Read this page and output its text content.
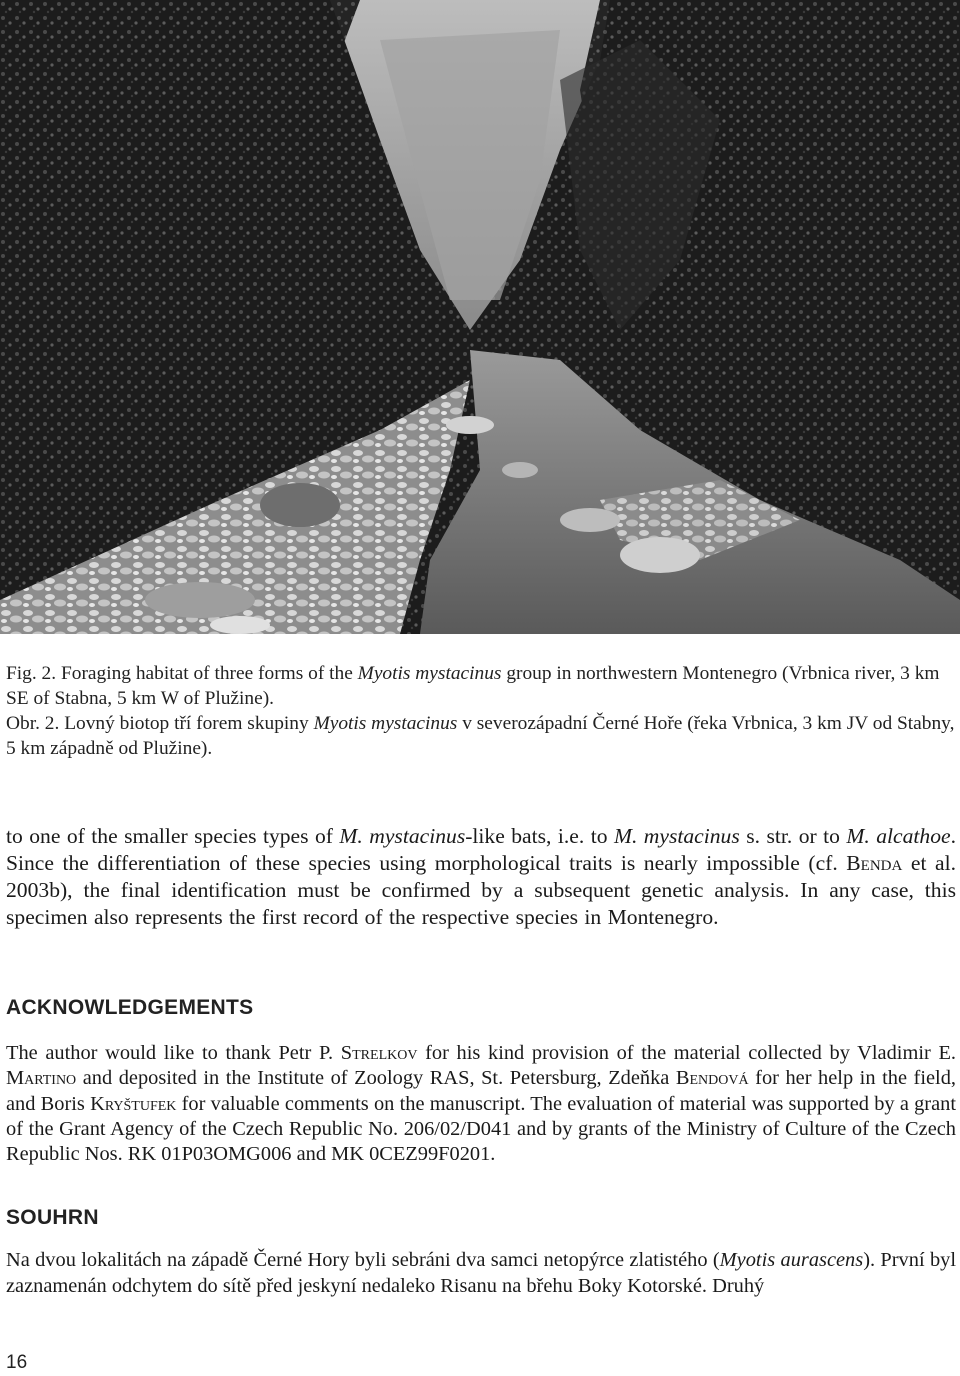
Fig. 2. Foraging habitat of three forms of the Myotis mystacinus group in northwestern Montenegro (Vrbnica river, 3 km SE of Stabna, 5 km W of Plužine).

Obr. 2. Lovný biotop tří forem skupiny Myotis mystacinus v severozápadní Černé Hoře (řeka Vrbnica, 3 km JV od Stabny, 5 km západně od Plužine).

to one of the smaller species types of M. mystacinus-like bats, i.e. to M. mystacinus s. str. or to M. alcathoe. Since the differentiation of these species using morphological traits is nearly impossible (cf. Benda et al. 2003b), the final identification must be confirmed by a subsequent genetic analysis. In any case, this specimen also represents the first record of the respective species in Montenegro.

ACKNOWLEDGEMENTS

The author would like to thank Petr P. Strelkov for his kind provision of the material collected by Vladimir E. Martino and deposited in the Institute of Zoology RAS, St. Petersburg, Zdeňka Bendová for her help in the field, and Boris Kryštufek for valuable comments on the manuscript. The evaluation of material was supported by a grant of the Grant Agency of the Czech Republic No. 206/02/D041 and by grants of the Ministry of Culture of the Czech Republic Nos. RK 01P03OMG006 and MK 0CEZ99F0201.

SOUHRN

Na dvou lokalitách na západě Černé Hory byli sebráni dva samci netopýrce zlatistého (Myotis aurascens). První byl zaznamenán odchytem do sítě před jeskyní nedaleko Risanu na břehu Boky Kotorské. Druhý

16
